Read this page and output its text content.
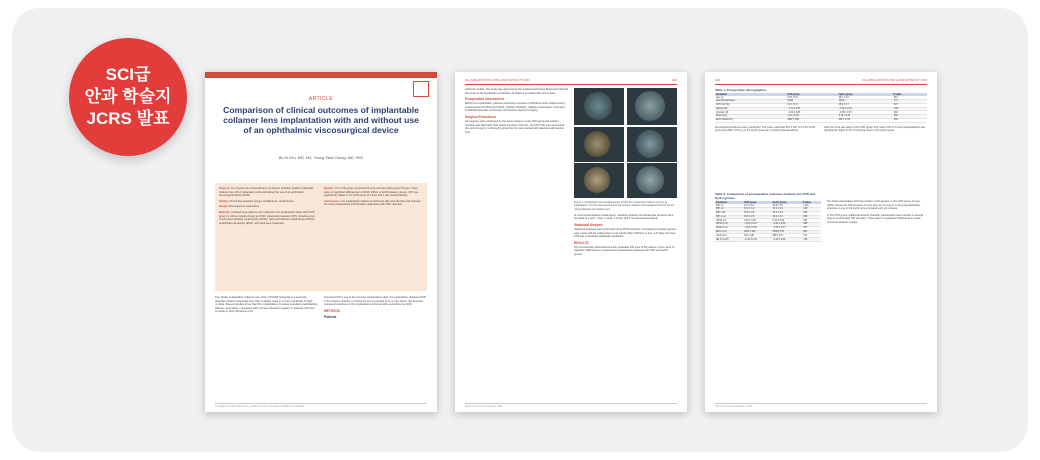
SCI급
안과 학술지
JCRS 발표
ARTICLE
Comparison of clinical outcomes of implantable collamer lens implantation with and without use of an ophthalmic viscosurgical device
Bu Ki Kim, MD, MS, Young Taek Chung, MD, PhD

Purpose: To compare the clinical efficacy of posterior chamber phakic implantable collamer lens (ICL) implantation with and without the use of an ophthalmic viscosurgical device (OVD).

Setting: Onnuri Eye Hospital, Jeonju, Jeollabuk-do, South Korea.

Design: Retrospective case series.

Methods: Included were patients who underwent ICL implantation either with (OVD group) or without (Hydro group) an OVD. Intraocular pressure (IOP), refractive error, uncorrected distance visual acuity (UDVA), corrected distance visual acuity (CDVA), endothelial cell density (ECD), and vault were measured.

Results: The OVD group comprised 50 eyes and the Hydro group 50 eyes. There were no significant differences in UDVA, CDVA, or ECD between groups. IOP was significantly higher in the OVD group at 1 hour and 1 day postoperatively.

Conclusions: ICL implantation without an OVD was safe and effective and reduced the early postoperative IOP elevation associated with OVD retention.

The Visian implantable collamer lens (ICL) (STAAR Surgical) is a posterior chamber phakic intraocular lens that is widely used to correct moderate to high myopia. Recent studies show that ICL implantation provides excellent predictability, efficacy, and safety compared with corneal refractive surgery in patients with thin corneas or high refractive error.

Increased IOP is one of the common complications after ICL implantation. Retained OVD in the anterior chamber or behind the ICL is reported to be a main cause. We therefore compared outcomes of ICL implantation performed with and without an OVD.

METHODS
Patients
Copyright © 2021 Published by Wolters Kluwer on behalf of ASCRS and ESCRS
ICL IMPLANTATION WITH AND WITHOUT OVD	193

spherical models. The study was approved by the Institutional Review Board and followed the tenets of the Declaration of Helsinki. All patients provided informed consent.

Preoperative Assessment

Before ICL implantation, patients underwent a review of ophthalmic and medical history, measurement of UDVA and CDVA, manifest refraction, slitlamp examination, tonometry, endothelial specular microscopy, and anterior segment imaging.

Surgical Procedures

All surgeries were performed by the same surgeon. In the OVD group the anterior chamber was filled with OVD before insertion of the ICL, and the OVD was removed at the end of surgery. In the Hydro group the ICL was inserted with balanced salt solution only.

Figure 1. Ophthalmic viscosurgical device (OVD)-free intraocular collamer lens (ICL) implantation. The ICL was inserted into the anterior chamber and positioned behind the iris using balanced salt solution only.

of uncorrected distance visual acuity, manifest refraction and intraocular pressure were recorded at 1 hour, 1 day, 1 week, 1 month and 3 months postoperatively.

Statistical Analysis

Statistical analyses were performed using SPSS software. Comparisons between groups were made with the independent t test and the Mann-Whitney U test. A P value less than 0.05 was considered statistically significant.

RESULTS

The retrospective observational study evaluated 100 eyes of 50 patients. There were no significant differences in preoperative characteristics between the OVD and Hydro groups.

Volume 47 Issue 2 February 2021
200	ICL IMPLANTATION WITH AND WITHOUT OVD
Table 1. Preoperative demographics.
Parameter	OVD group	Hydro group	P value
Age (y)	27.8 ± 5.6	28.1 ± 6.0	.812
Sex (female/male)	14/11	15/10	.771
IOP (mm Hg)	15.1 ± 2.3	15.3 ± 2.7	.674
Sphere (D)	−7.21 ± 2.51	−7.02 ± 2.43	.706
Cylinder (D)	−1.02 ± 0.88	−0.95 ± 0.79	.682
ACD (mm)	3.21 ± 0.24	3.19 ± 0.22	.663
ECD (cells/mm²)	2892 ± 255	2871 ± 272	.691

All surgical procedures were uneventful. The mean vault was 512 ± 187 µm in the OVD group and 498 ± 176 µm in the Hydro group at 3 months postoperatively.

shift over time was seen in the OVD group. The mean IOP at 1 hour postoperatively was significantly higher in the OVD group than in the Hydro group.

Table 2. Comparison of postoperative outcomes between the OVD and Hydro groups.
Parameter	OVD group	Hydro group	P value
IOP 1 h	21.3 ± 6.2	16.8 ± 3.9	<.001
IOP 1 d	17.2 ± 4.1	15.4 ± 2.9	.012
IOP 1 wk	15.6 ± 2.8	15.2 ± 2.5	.452
IOP 1 mo	15.0 ± 2.6	14.9 ± 2.4	.838
UDVA 1 d	0.02 ± 0.08	0.03 ± 0.09	.561
UDVA 1 mo	−0.04 ± 0.07	−0.03 ± 0.08	.508
CDVA 3 mo	−0.06 ± 0.06	−0.05 ± 0.07	.447
ECD 3 mo	2851 ± 262	2839 ± 275	.824
Vault (µm)	512 ± 187	498 ± 176	.701
SE 3 mo (D)	−0.12 ± 0.31	−0.10 ± 0.29	.738

The final postoperative IOP was similar in both groups. In the OVD group, 9 eyes (18%) showed an IOP increase of more than 10 mm Hg at 1 hour postoperatively, whereas no eye in the Hydro group showed such an increase.

In the OVD group, additional anterior chamber paracentesis was required in several eyes to control early IOP elevation. There were no significant differences in visual outcomes between groups.

Volume 47 Issue 2 February 2021
